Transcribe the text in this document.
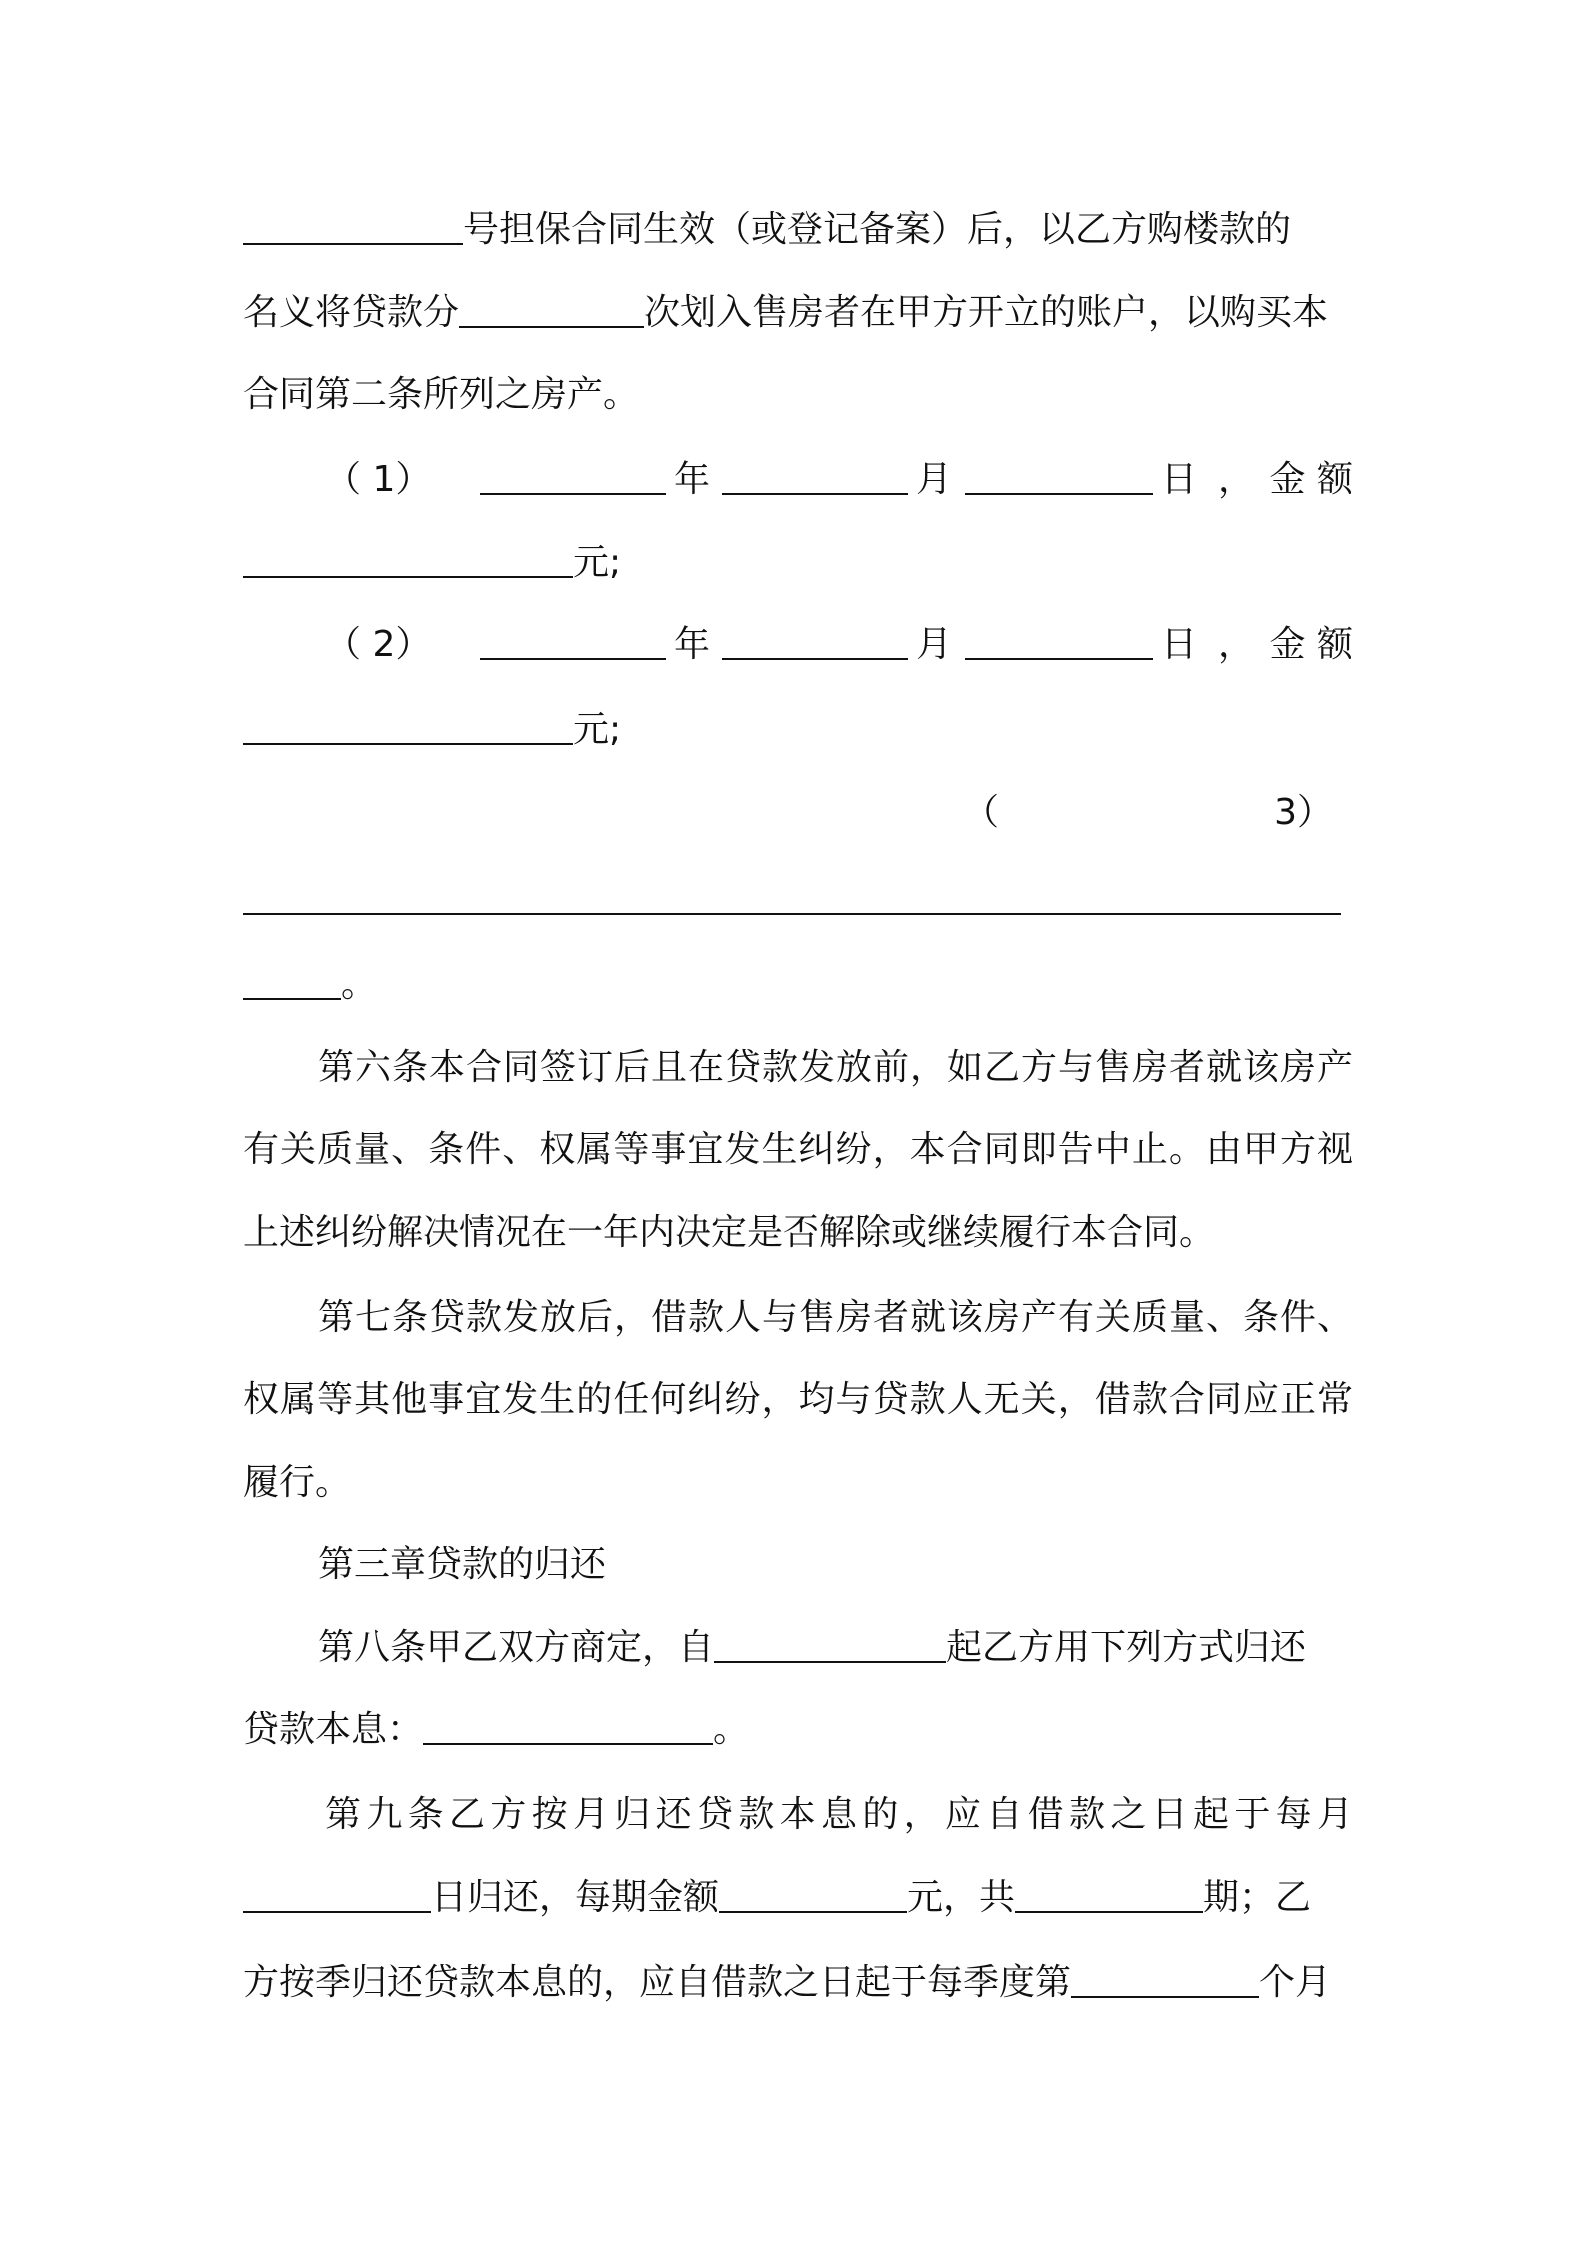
号担保合同生效（或登记备案）后，以乙方购楼款的
名义将贷款分	次划入售房者在甲方开立的账户，以购买本
合同第二条所列之房产。
（ 1）	年	月	日 ， 金 额
元;
（ 2）	年	月	日 ， 金 额
元;
（	3）
。
第六条本合同签订后且在贷款发放前，如乙方与售房者就该房产
有关质量、条件、权属等事宜发生纠纷，本合同即告中止。由甲方视
上述纠纷解决情况在一年内决定是否解除或继续履行本合同。
第七条贷款发放后，借款人与售房者就该房产有关质量、条件、
权属等其他事宜发生的任何纠纷，均与贷款人无关，借款合同应正常
履行。
第三章贷款的归还
第八条甲乙双方商定，自	起乙方用下列方式归还
贷款本息：	。
第九条乙方按月归还贷款本息的，应自借款之日起于每月
日归还，每期金额	元，共	期；乙
方按季归还贷款本息的，应自借款之日起于每季度第	个月
